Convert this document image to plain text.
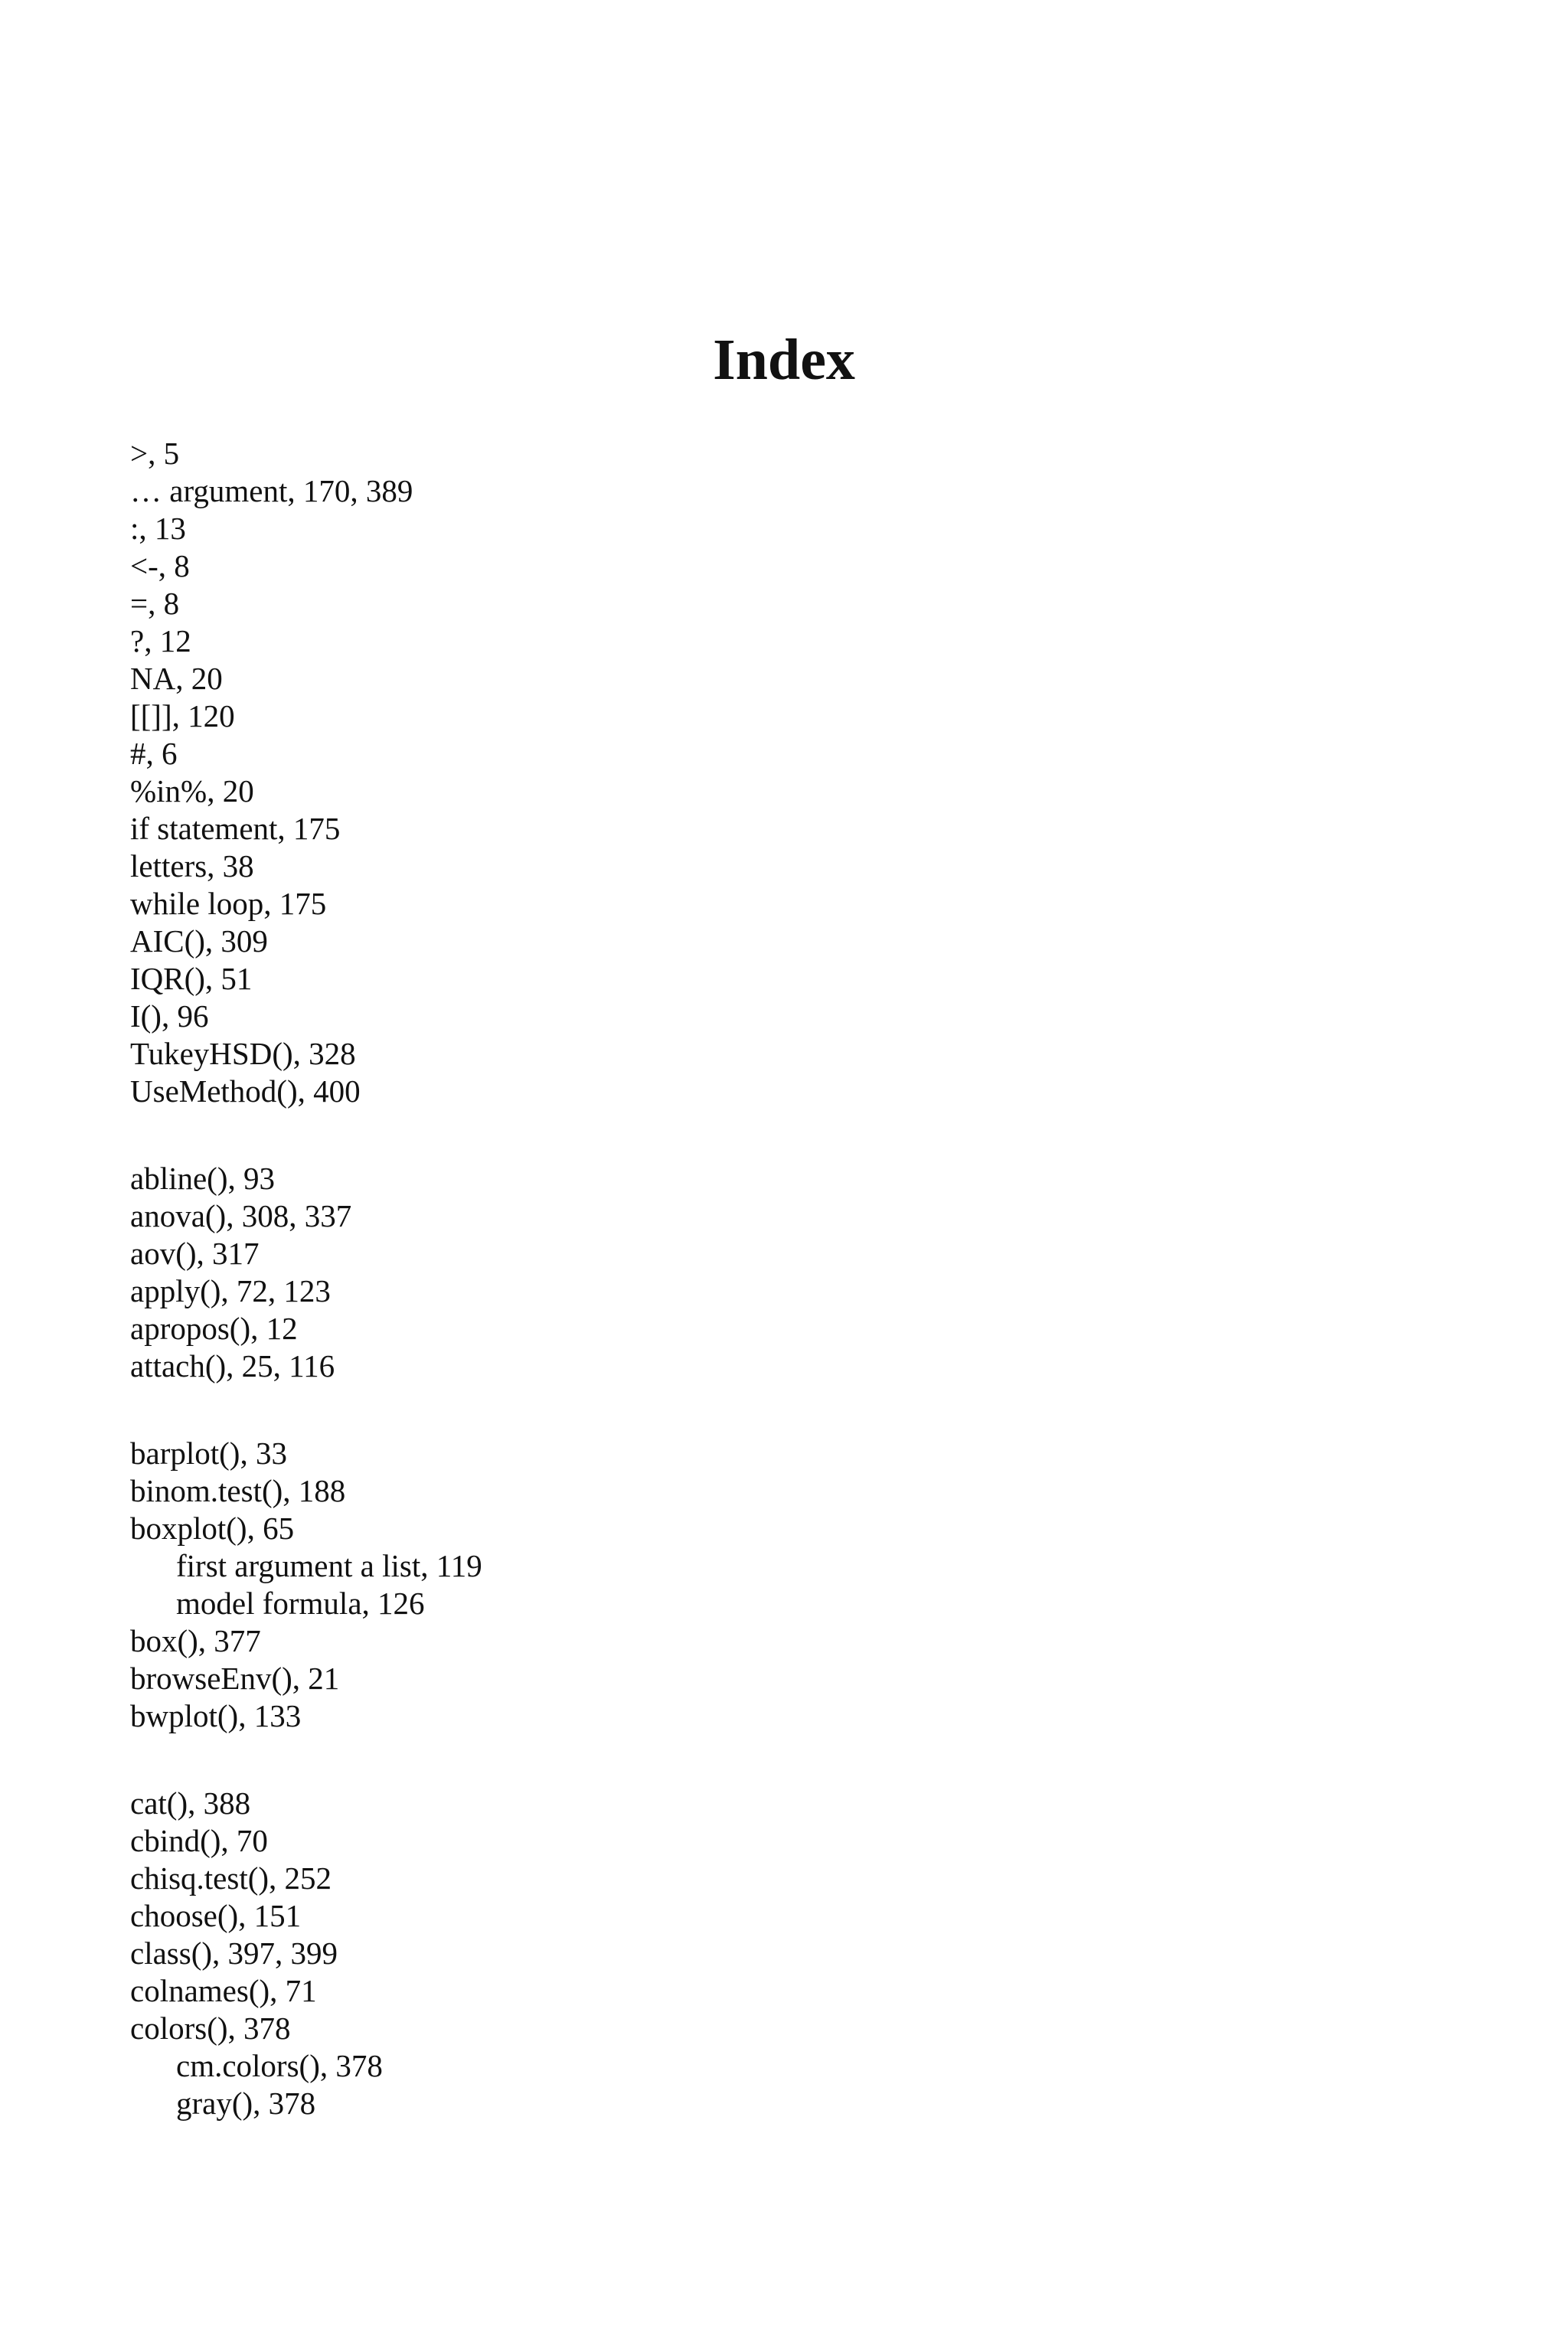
Index
>, 5
… argument, 170, 389
:, 13
<-, 8
=, 8
?, 12
NA, 20
[[]], 120
#, 6
%in%, 20
if statement, 175
letters, 38
while loop, 175
AIC(), 309
IQR(), 51
I(), 96
TukeyHSD(), 328
UseMethod(), 400
abline(), 93
anova(), 308, 337
aov(), 317
apply(), 72, 123
apropos(), 12
attach(), 25, 116
barplot(), 33
binom.test(), 188
boxplot(), 65
first argument a list, 119
model formula, 126
box(), 377
browseEnv(), 21
bwplot(), 133
cat(), 388
cbind(), 70
chisq.test(), 252
choose(), 151
class(), 397, 399
colnames(), 71
colors(), 378
cm.colors(), 378
gray(), 378
